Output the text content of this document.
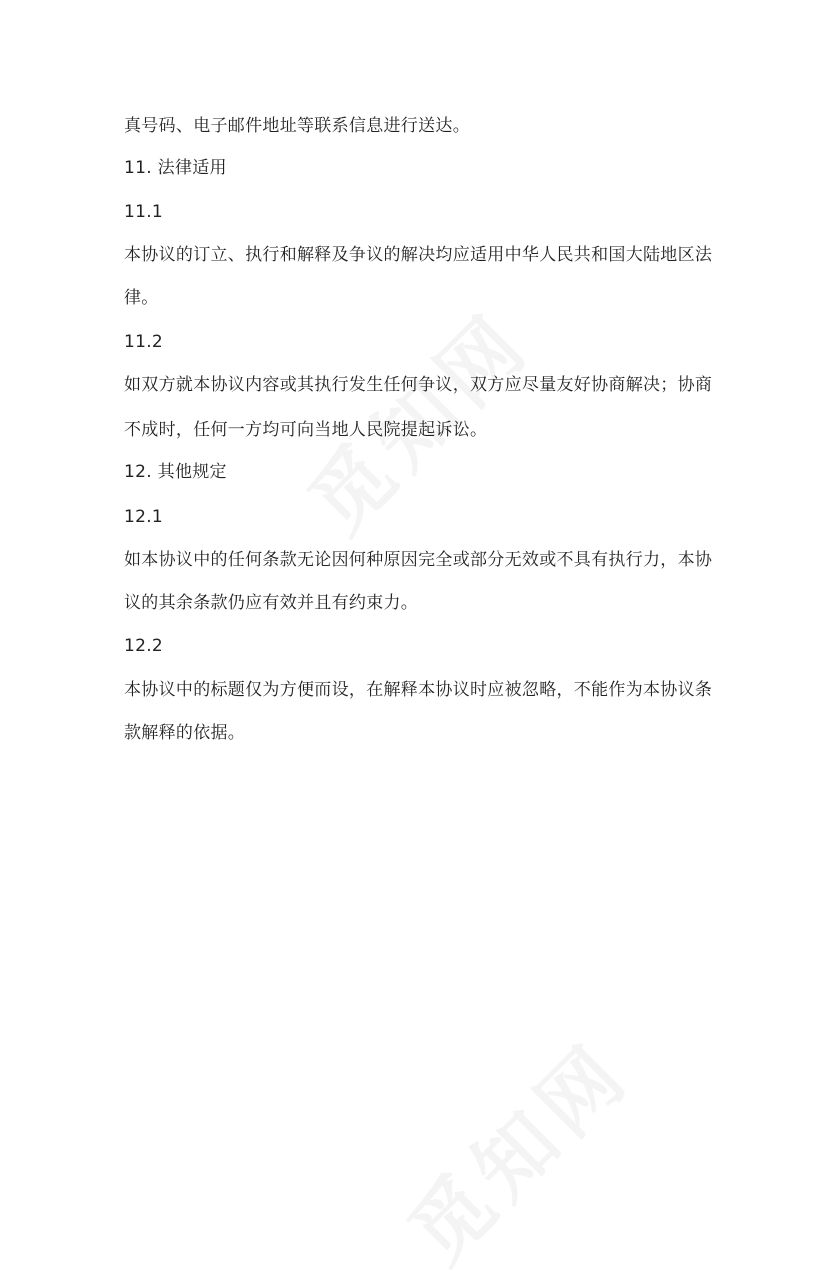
真号码、电子邮件地址等联系信息进行送达。
11. 法律适用
11.1
本协议的订立、执行和解释及争议的解决均应适用中华人民共和国大陆地区法
律。
11.2
如双方就本协议内容或其执行发生任何争议，双方应尽量友好协商解决；协商
不成时，任何一方均可向当地人民院提起诉讼。
12. 其他规定
12.1
如本协议中的任何条款无论因何种原因完全或部分无效或不具有执行力，本协
议的其余条款仍应有效并且有约束力。
12.2
本协议中的标题仅为方便而设，在解释本协议时应被忽略，不能作为本协议条
款解释的依据。
